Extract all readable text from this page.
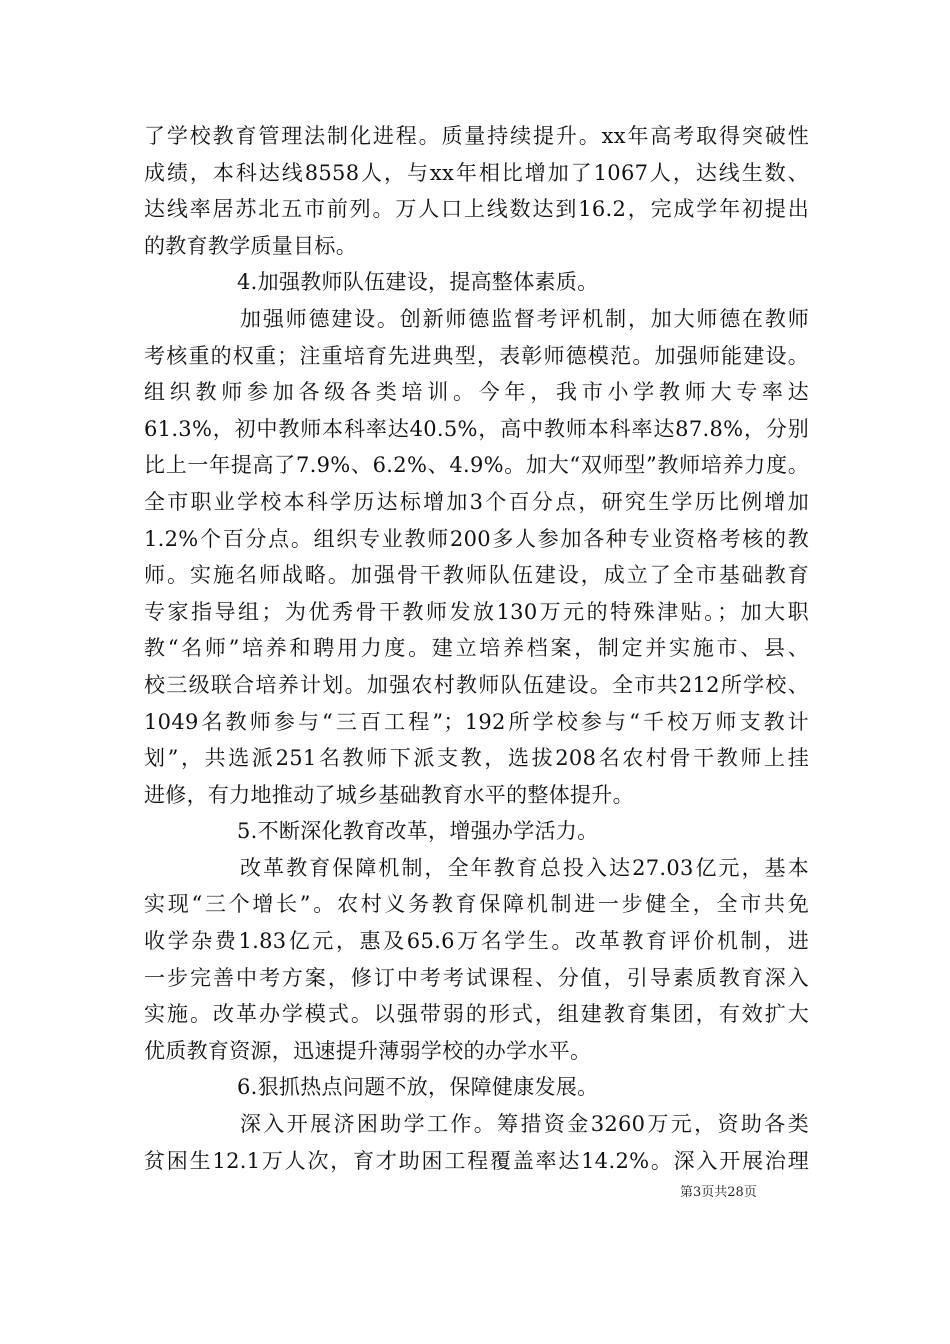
了学校教育管理法制化进程。质量持续提升。xx年高考取得突破性
成绩，本科达线8558人，与xx年相比增加了1067人，达线生数、
达线率居苏北五市前列。万人口上线数达到16.2，完成学年初提出
的教育教学质量目标。
4.加强教师队伍建设，提高整体素质。
加强师德建设。创新师德监督考评机制，加大师德在教师
考核重的权重；注重培育先进典型，表彰师德模范。加强师能建设。
组织教师参加各级各类培训。今年，我市小学教师大专率达
61.3%，初中教师本科率达40.5%，高中教师本科率达87.8%，分别
比上一年提高了7.9%、6.2%、4.9%。加大“双师型”教师培养力度。
全市职业学校本科学历达标增加3个百分点，研究生学历比例增加
1.2%个百分点。组织专业教师200多人参加各种专业资格考核的教
师。实施名师战略。加强骨干教师队伍建设，成立了全市基础教育
专家指导组；为优秀骨干教师发放130万元的特殊津贴。；加大职
教“名师”培养和聘用力度。建立培养档案，制定并实施市、县、
校三级联合培养计划。加强农村教师队伍建设。全市共212所学校、
1049名教师参与“三百工程”；192所学校参与“千校万师支教计
划”，共选派251名教师下派支教，选拔208名农村骨干教师上挂
进修，有力地推动了城乡基础教育水平的整体提升。
5.不断深化教育改革，增强办学活力。
改革教育保障机制，全年教育总投入达27.03亿元，基本
实现“三个增长”。农村义务教育保障机制进一步健全，全市共免
收学杂费1.83亿元，惠及65.6万名学生。改革教育评价机制，进
一步完善中考方案，修订中考考试课程、分值，引导素质教育深入
实施。改革办学模式。以强带弱的形式，组建教育集团，有效扩大
优质教育资源，迅速提升薄弱学校的办学水平。
6.狠抓热点问题不放，保障健康发展。
深入开展济困助学工作。筹措资金3260万元，资助各类
贫困生12.1万人次，育才助困工程覆盖率达14.2%。深入开展治理
第3页共28页
